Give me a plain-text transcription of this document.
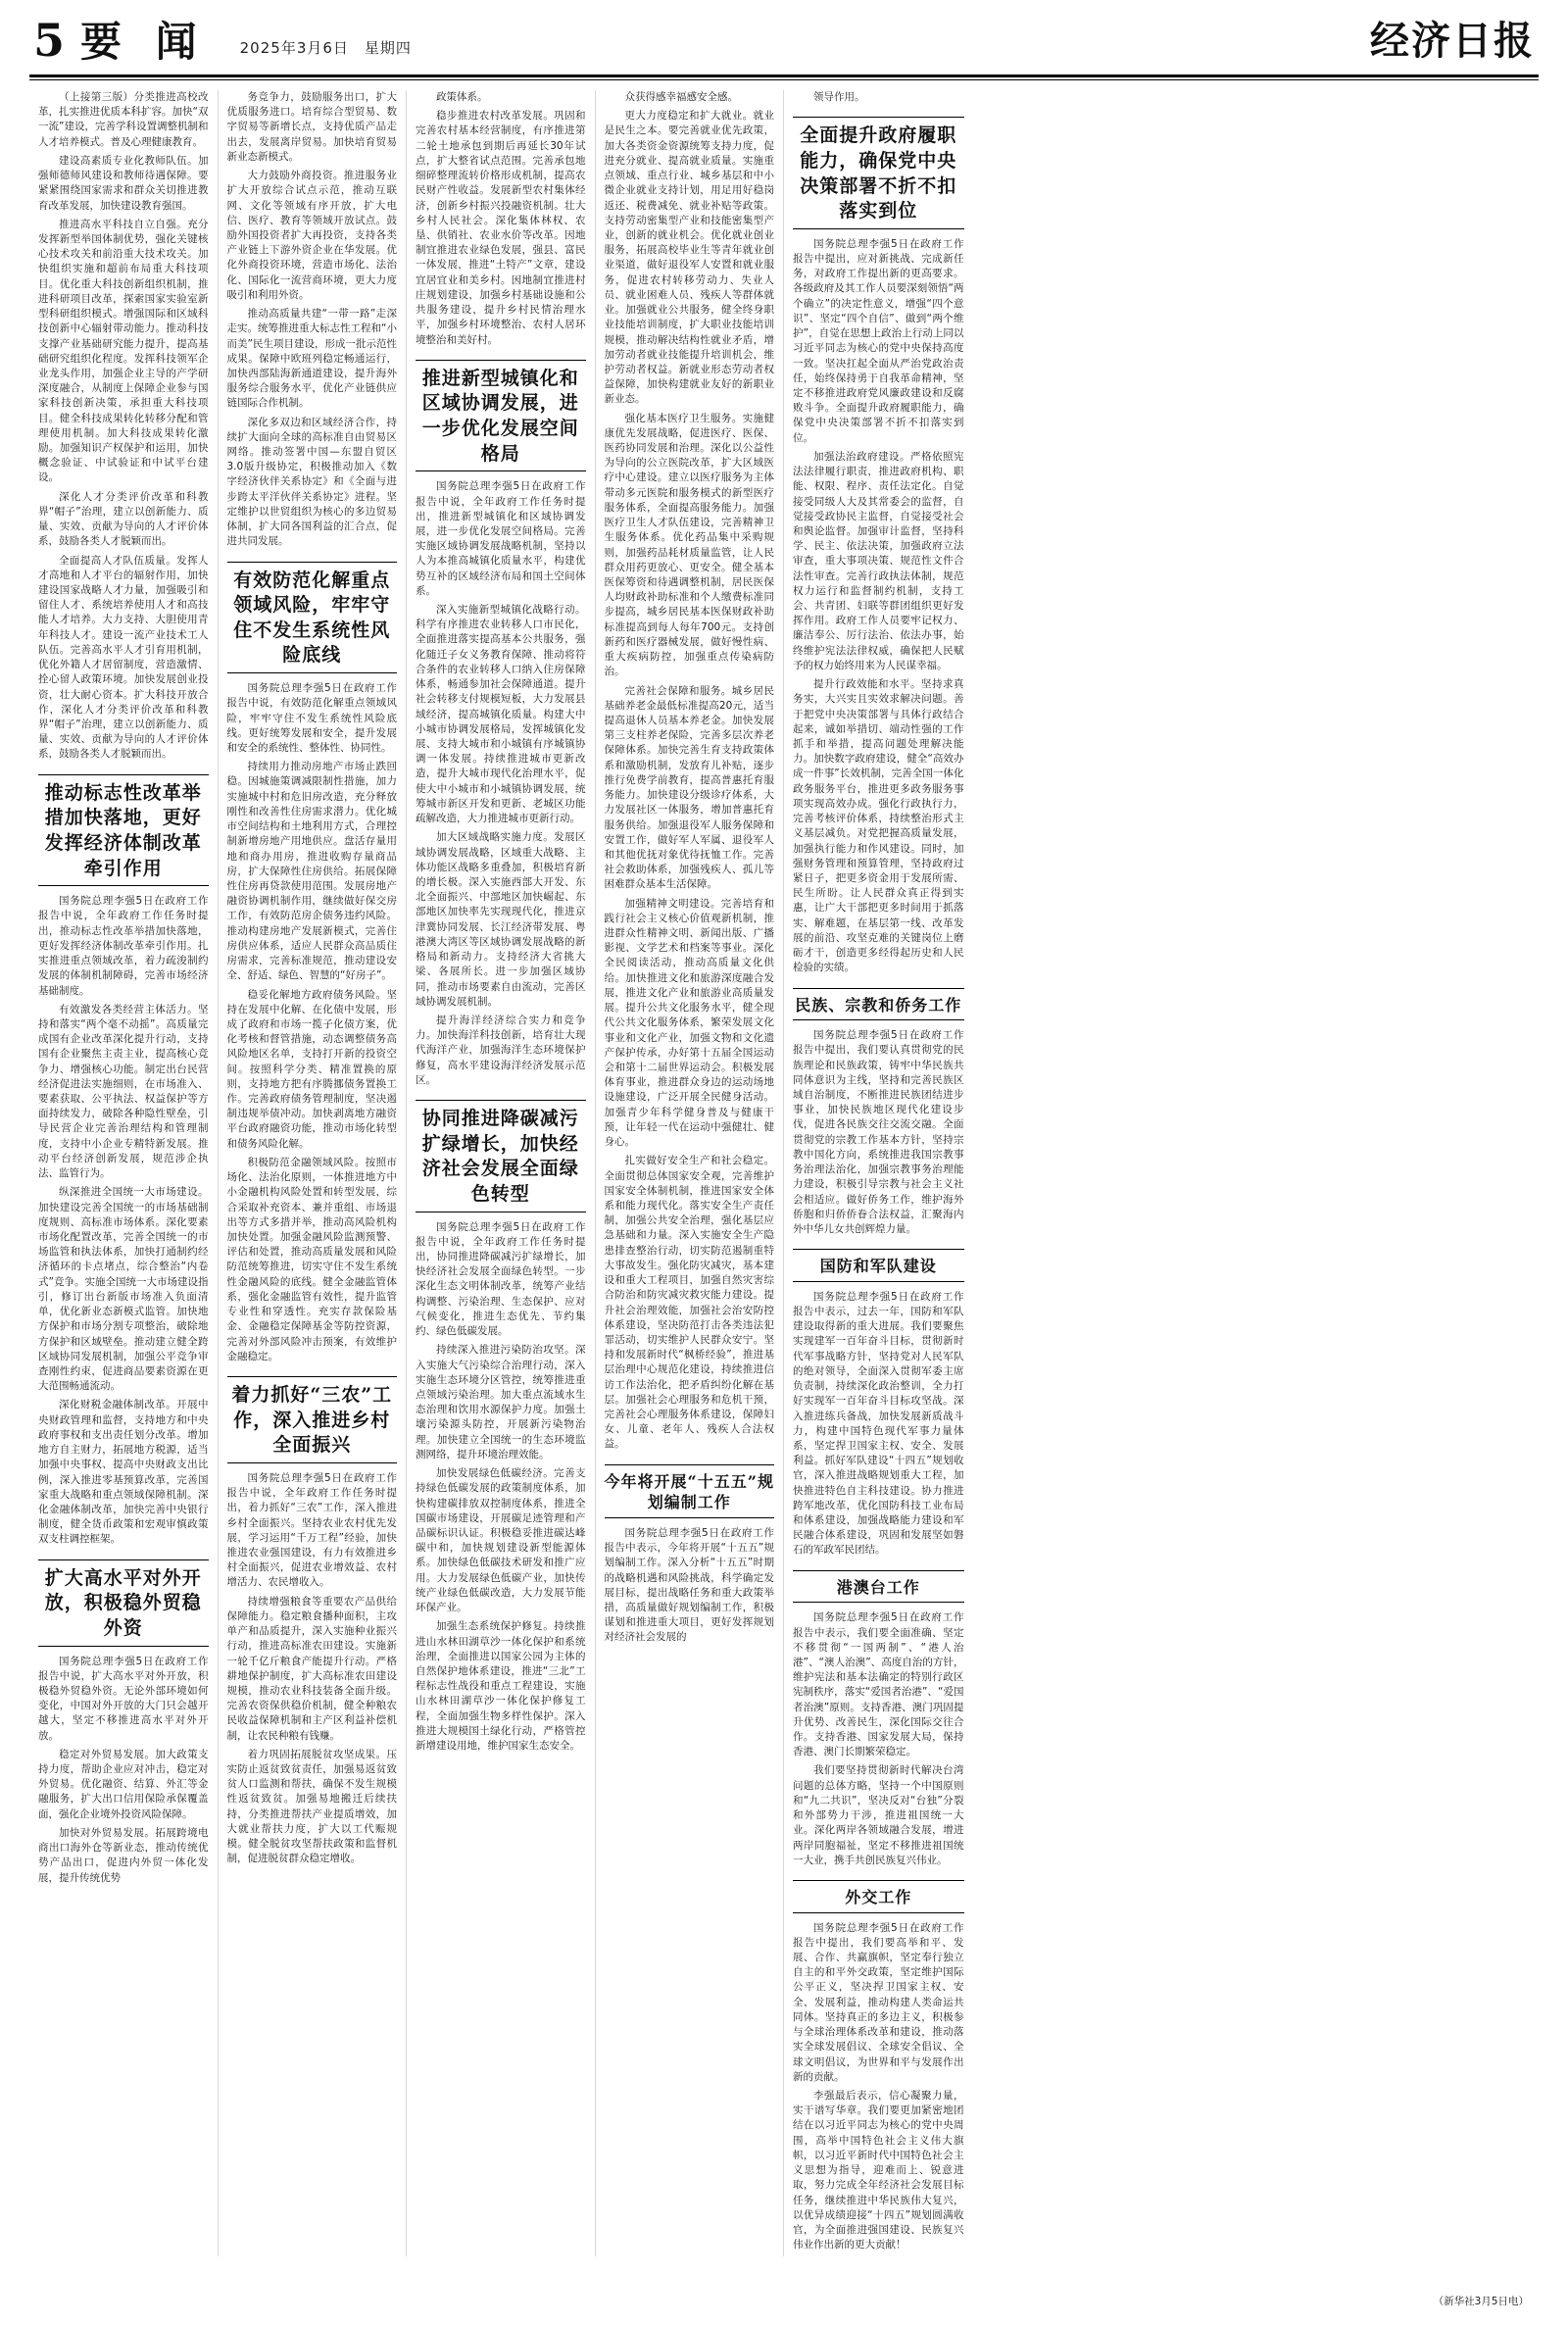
5 要 闻 2025年3月6日　星期四	经济日报

（上接第三版）分类推进高校改革，扎实推进优质本科扩容。加快“双一流”建设，完善学科设置调整机制和人才培养模式。普及心理健康教育。

建设高素质专业化教师队伍。加强师德师风建设和教师待遇保障。要紧紧围绕国家需求和群众关切推进教育改革发展，加快建设教育强国。

推进高水平科技自立自强。充分发挥新型举国体制优势，强化关键核心技术攻关和前沿重大技术攻关。加快组织实施和超前布局重大科技项目。优化重大科技创新组织机制，推进科研项目改革，探索国家实验室新型科研组织模式。增强国际和区域科技创新中心辐射带动能力。推动科技支撑产业基础研究能力提升，提高基础研究组织化程度。发挥科技领军企业龙头作用，加强企业主导的产学研深度融合，从制度上保障企业参与国家科技创新决策，承担重大科技项目。健全科技成果转化转移分配和管理使用机制。加大科技成果转化激励。加强知识产权保护和运用，加快概念验证、中试验证和中试平台建设。

深化人才分类评价改革和科教界“帽子”治理，建立以创新能力、质量、实效、贡献为导向的人才评价体系，鼓励各类人才脱颖而出。

全面提高人才队伍质量。发挥人才高地和人才平台的辐射作用，加快建设国家战略人才力量，加强吸引和留住人才、系统培养使用人才和高技能人才培养。大力支持、大胆使用青年科技人才。建设一流产业技术工人队伍。完善高水平人才引育用机制，优化外籍人才居留制度，营造激情、拴心留人政策环境。加快发展创业投资，壮大耐心资本。扩大科技开放合作，深化人才分类评价改革和科教界“帽子”治理，建立以创新能力、质量、实效、贡献为导向的人才评价体系，鼓励各类人才脱颖而出。

推动标志性改革举措加快落地，更好发挥经济体制改革牵引作用

国务院总理李强5日在政府工作报告中说，全年政府工作任务时提出，推动标志性改革举措加快落地，更好发挥经济体制改革牵引作用。扎实推进重点领域改革，着力疏浚制约发展的体制机制障碍，完善市场经济基础制度。

有效激发各类经营主体活力。坚持和落实“两个毫不动摇”。高质量完成国有企业改革深化提升行动，支持国有企业聚焦主责主业，提高核心竞争力、增强核心功能。制定出台民营经济促进法实施细则，在市场准入、要素获取、公平执法、权益保护等方面持续发力，破除各种隐性壁垒，引导民营企业完善治理结构和管理制度，支持中小企业专精特新发展。推动平台经济创新发展，规范涉企执法、监管行为。

纵深推进全国统一大市场建设。加快建设完善全国统一的市场基础制度规则、高标准市场体系。深化要素市场化配置改革，完善全国统一的市场监管和执法体系，加快打通制约经济循环的卡点堵点，综合整治“内卷式”竞争。实施全国统一大市场建设指引，修订出台新版市场准入负面清单，优化新业态新模式监管。加快地方保护和市场分割专项整治，破除地方保护和区域壁垒。推动建立健全跨区域协同发展机制，加强公平竞争审查刚性约束，促进商品要素资源在更大范围畅通流动。

深化财税金融体制改革。开展中央财政管理和监督，支持地方和中央政府事权和支出责任划分改革。增加地方自主财力，拓展地方税源，适当加强中央事权、提高中央财政支出比例，深入推进零基预算改革，完善国家重大战略和重点领域保障机制。深化金融体制改革，加快完善中央银行制度，健全货币政策和宏观审慎政策双支柱调控框架。

扩大高水平对外开放，积极稳外贸稳外资

国务院总理李强5日在政府工作报告中说，扩大高水平对外开放，积极稳外贸稳外资。无论外部环境如何变化，中国对外开放的大门只会越开越大，坚定不移推进高水平对外开放。

稳定对外贸易发展。加大政策支持力度，帮助企业应对冲击，稳定对外贸易。优化融资、结算、外汇等金融服务，扩大出口信用保险承保覆盖面，强化企业境外投资风险保障。

加快对外贸易发展。拓展跨境电商出口海外仓等新业态，推动传统优势产品出口，促进内外贸一体化发展，提升传统优势

务竞争力，鼓励服务出口，扩大优质服务进口。培育综合型贸易、数字贸易等新增长点，支持优质产品走出去，发展离岸贸易。加快培育贸易新业态新模式。

大力鼓励外商投资。推进服务业扩大开放综合试点示范，推动互联网、文化等领域有序开放，扩大电信、医疗、教育等领域开放试点。鼓励外国投资者扩大再投资，支持各类产业链上下游外资企业在华发展。优化外商投资环境，营造市场化、法治化、国际化一流营商环境，更大力度吸引和利用外资。

推动高质量共建“一带一路”走深走实。统筹推进重大标志性工程和“小而美”民生项目建设，形成一批示范性成果。保障中欧班列稳定畅通运行，加快西部陆海新通道建设，提升海外服务综合服务水平，优化产业链供应链国际合作机制。

深化多双边和区域经济合作，持续扩大面向全球的高标准自由贸易区网络。推动签署中国—东盟自贸区3.0版升级协定，积极推动加入《数字经济伙伴关系协定》和《全面与进步跨太平洋伙伴关系协定》进程。坚定维护以世贸组织为核心的多边贸易体制，扩大同各国利益的汇合点，促进共同发展。

有效防范化解重点领域风险，牢牢守住不发生系统性风险底线

国务院总理李强5日在政府工作报告中说，有效防范化解重点领域风险，牢牢守住不发生系统性风险底线。更好统筹发展和安全，提升发展和安全的系统性、整体性、协同性。

持续用力推动房地产市场止跌回稳。因城施策调减限制性措施，加力实施城中村和危旧房改造，充分释放刚性和改善性住房需求潜力。优化城市空间结构和土地利用方式，合理控制新增房地产用地供应。盘活存量用地和商办用房，推进收购存量商品房，扩大保障性住房供给。拓展保障性住房再贷款使用范围。发展房地产融资协调机制作用，继续做好保交房工作，有效防范房企债务违约风险。推动构建房地产发展新模式，完善住房供应体系，适应人民群众高品质住房需求，完善标准规范，推动建设安全、舒适、绿色、智慧的“好房子”。

稳妥化解地方政府债务风险。坚持在发展中化解、在化债中发展，形成了政府和市场一揽子化债方案，优化考核和督管措施，动态调整债务高风险地区名单，支持打开新的投资空间。按照科学分类、精准置换的原则，支持地方把有序腾挪债务置换工作。完善政府债务管理制度，坚决遏制违规举债冲动。加快剥离地方融资平台政府融资功能，推动市场化转型和债务风险化解。

积极防范金融领域风险。按照市场化、法治化原则，一体推进地方中小金融机构风险处置和转型发展，综合采取补充资本、兼并重组、市场退出等方式多措并举，推动高风险机构加快处置。加强金融风险监测预警、评估和处置，推动高质量发展和风险防范统筹推进，切实守住不发生系统性金融风险的底线。健全金融监管体系，强化金融监管有效性，提升监管专业性和穿透性。充实存款保险基金、金融稳定保障基金等防控资源，完善对外部风险冲击预案，有效维护金融稳定。

着力抓好“三农”工作，深入推进乡村全面振兴

国务院总理李强5日在政府工作报告中说，全年政府工作任务时提出，着力抓好“三农”工作，深入推进乡村全面振兴。坚持农业农村优先发展，学习运用“千万工程”经验，加快推进农业强国建设，有力有效推进乡村全面振兴，促进农业增效益、农村增活力、农民增收入。

持续增强粮食等重要农产品供给保障能力。稳定粮食播种面积，主攻单产和品质提升，深入实施种业振兴行动，推进高标准农田建设。实施新一轮千亿斤粮食产能提升行动。严格耕地保护制度，扩大高标准农田建设规模，推动农业科技装备全面升级。完善农资保供稳价机制，健全种粮农民收益保障机制和主产区利益补偿机制，让农民种粮有钱赚。

着力巩固拓展脱贫攻坚成果。压实防止返贫致贫责任，加强易返贫致贫人口监测和帮扶，确保不发生规模性返贫致贫。加强易地搬迁后续扶持，分类推进帮扶产业提质增效，加大就业帮扶力度，扩大以工代赈规模。健全脱贫攻坚帮扶政策和监督机制，促进脱贫群众稳定增收。

政策体系。

稳步推进农村改革发展。巩固和完善农村基本经营制度，有序推进第二轮土地承包到期后再延长30年试点，扩大整省试点范围。完善承包地细碎整理流转价格形成机制，提高农民财产性收益。发展新型农村集体经济，创新乡村振兴投融资机制。壮大乡村人民社会。深化集体林权、农垦、供销社、农业水价等改革。因地制宜推进农业绿色发展，强县、富民一体发展，推进“土特产”文章，建设宜居宜业和美乡村。因地制宜推进村庄规划建设，加强乡村基础设施和公共服务建设，提升乡村民情治理水平，加强乡村环境整治、农村人居环境整治和美好村。

推进新型城镇化和区域协调发展，进一步优化发展空间格局

国务院总理李强5日在政府工作报告中说，全年政府工作任务时提出，推进新型城镇化和区域协调发展，进一步优化发展空间格局。完善实施区域协调发展战略机制，坚持以人为本推高城镇化质量水平，构建优势互补的区域经济布局和国土空间体系。

深入实施新型城镇化战略行动。科学有序推进农业转移人口市民化，全面推进落实提高基本公共服务，强化随迁子女义务教育保障、推动将符合条件的农业转移人口纳入住房保障体系，畅通参加社会保障通道。提升社会转移支付规模短板，大力发展县域经济，提高城镇化质量。构建大中小城市协调发展格局，发挥城镇化发展、支持大城市和小城镇有序城镇协调一体发展。持续推进城市更新改造，提升大城市现代化治理水平，促使大中小城市和小城镇协调发展，统筹城市新区开发和更新、老城区功能疏解改造，大力推进城市更新行动。

加大区域战略实施力度。发展区域协调发展战略，区域重大战略、主体功能区战略多重叠加，积极培育新的增长极。深入实施西部大开发、东北全面振兴、中部地区加快崛起、东部地区加快率先实现现代化，推进京津冀协同发展、长江经济带发展、粤港澳大湾区等区域协调发展战略的新格局和新动力。支持经济大省挑大梁、各展所长。进一步加强区域协同，推动市场要素自由流动，完善区域协调发展机制。

提升海洋经济综合实力和竞争力。加快海洋科技创新，培育壮大现代海洋产业，加强海洋生态环境保护修复，高水平建设海洋经济发展示范区。

协同推进降碳减污扩绿增长，加快经济社会发展全面绿色转型

国务院总理李强5日在政府工作报告中说，全年政府工作任务时提出，协同推进降碳减污扩绿增长，加快经济社会发展全面绿色转型。一步深化生态文明体制改革，统筹产业结构调整、污染治理、生态保护、应对气候变化，推进生态优先、节约集约、绿色低碳发展。

持续深入推进污染防治攻坚。深入实施大气污染综合治理行动，深入实施生态环境分区管控，统筹推进重点领域污染治理。加大重点流域水生态治理和饮用水源保护力度。加强土壤污染源头防控，开展新污染物治理。加快建立全国统一的生态环境监测网络，提升环境治理效能。

加快发展绿色低碳经济。完善支持绿色低碳发展的政策制度体系，加快构建碳排放双控制度体系，推进全国碳市场建设，开展碳足迹管理和产品碳标识认证。积极稳妥推进碳达峰碳中和，加快规划建设新型能源体系。加快绿色低碳技术研发和推广应用。大力发展绿色低碳产业，加快传统产业绿色低碳改造，大力发展节能环保产业。

加强生态系统保护修复。持续推进山水林田湖草沙一体化保护和系统治理，全面推进以国家公园为主体的自然保护地体系建设，推进“三北”工程标志性战役和重点工程建设，实施山水林田湖草沙一体化保护修复工程，全面加强生物多样性保护。深入推进大规模国土绿化行动，严格管控新增建设用地，维护国家生态安全。

众获得感幸福感安全感。

更大力度稳定和扩大就业。就业是民生之本。要完善就业优先政策，加大各类资金资源统筹支持力度，促进充分就业、提高就业质量。实施重点领域、重点行业、城乡基层和中小微企业就业支持计划，用足用好稳岗返还、税费减免、就业补贴等政策。支持劳动密集型产业和技能密集型产业，创新的就业机会。优化就业创业服务，拓展高校毕业生等青年就业创业渠道，做好退役军人安置和就业服务，促进农村转移劳动力、失业人员、就业困难人员、残疾人等群体就业。加强就业公共服务，健全终身职业技能培训制度，扩大职业技能培训规模，推动解决结构性就业矛盾，增加劳动者就业技能提升培训机会，维护劳动者权益。新就业形态劳动者权益保障，加快构建就业友好的新职业新业态。

强化基本医疗卫生服务。实施健康优先发展战略，促进医疗、医保、医药协同发展和治理。深化以公益性为导向的公立医院改革，扩大区域医疗中心建设。建立以医疗服务为主体带动多元医院和服务模式的新型医疗服务体系，全面提高服务能力。加强医疗卫生人才队伍建设，完善精神卫生服务体系。优化药品集中采购规则，加强药品耗材质量监管，让人民群众用药更放心、更安全。健全基本医保筹资和待遇调整机制，居民医保人均财政补助标准和个人缴费标准同步提高，城乡居民基本医保财政补助标准提高到每人每年700元。支持创新药和医疗器械发展，做好慢性病、重大疾病防控，加强重点传染病防治。

完善社会保障和服务。城乡居民基础养老金最低标准提高20元，适当提高退休人员基本养老金。加快发展第三支柱养老保险，完善多层次养老保障体系。加快完善生育支持政策体系和激励机制，发放育儿补贴，逐步推行免费学前教育，提高普惠托育服务能力。加快建设分级诊疗体系，大力发展社区一体服务，增加普惠托育服务供给。加强退役军人服务保障和安置工作，做好军人军属、退役军人和其他优抚对象优待抚恤工作。完善社会救助体系，加强残疾人、孤儿等困难群众基本生活保障。

加强精神文明建设。完善培育和践行社会主义核心价值观新机制，推进群众性精神文明、新闻出版、广播影视、文学艺术和档案等事业。深化全民阅读活动，推动高质量文化供给。加快推进文化和旅游深度融合发展，推进文化产业和旅游业高质量发展。提升公共文化服务水平，健全现代公共文化服务体系，繁荣发展文化事业和文化产业，加强文物和文化遗产保护传承，办好第十五届全国运动会和第十二届世界运动会。积极发展体育事业，推进群众身边的运动场地设施建设，广泛开展全民健身活动。加强青少年科学健身普及与健康干预，让年轻一代在运动中强健壮、健身心。

扎实做好安全生产和社会稳定。全面贯彻总体国家安全观，完善维护国家安全体制机制，推进国家安全体系和能力现代化。落实安全生产责任制，加强公共安全治理，强化基层应急基础和力量。深入实施安全生产隐患排查整治行动，切实防范遏制重特大事故发生。强化防灾减灾，基本建设和重大工程项目，加强自然灾害综合防治和防灾减灾救灾能力建设。提升社会治理效能，加强社会治安防控体系建设，坚决防范打击各类违法犯罪活动，切实维护人民群众安宁。坚持和发展新时代“枫桥经验”，推进基层治理中心规范化建设，持续推进信访工作法治化，把矛盾纠纷化解在基层。加强社会心理服务和危机干预，完善社会心理服务体系建设，保障妇女、儿童、老年人、残疾人合法权益。

今年将开展“十五五”规划编制工作

国务院总理李强5日在政府工作报告中表示，今年将开展“十五五”规划编制工作。深入分析“十五五”时期的战略机遇和风险挑战，科学确定发展目标，提出战略任务和重大政策举措，高质量做好规划编制工作，积极谋划和推进重大项目，更好发挥规划对经济社会发展的

领导作用。

全面提升政府履职能力，确保党中央决策部署不折不扣落实到位

国务院总理李强5日在政府工作报告中提出，应对新挑战、完成新任务，对政府工作提出新的更高要求。各级政府及其工作人员要深刻领悟“两个确立”的决定性意义，增强“四个意识”、坚定“四个自信”、做到“两个维护”，自觉在思想上政治上行动上同以习近平同志为核心的党中央保持高度一致。坚决扛起全面从严治党政治责任，始终保持勇于自我革命精神，坚定不移推进政府党风廉政建设和反腐败斗争。全面提升政府履职能力，确保党中央决策部署不折不扣落实到位。

加强法治政府建设。严格依照宪法法律履行职责，推进政府机构、职能、权限、程序、责任法定化。自觉接受同级人大及其常委会的监督，自觉接受政协民主监督，自觉接受社会和舆论监督。加强审计监督，坚持科学、民主、依法决策，加强政府立法审查，重大事项决策、规范性文件合法性审查。完善行政执法体制，规范权力运行和监督制约机制，支持工会、共青团、妇联等群团组织更好发挥作用。政府工作人员要牢记权力、廉洁奉公、厉行法治、依法办事，始终维护宪法法律权威，确保把人民赋予的权力始终用来为人民谋幸福。

提升行政效能和水平。坚持求真务实，大兴实且实效求解决问题。善于把党中央决策部署与具体行政结合起来，诚如举措切、端动性强的工作抓手和举措，提高问题处理解决能力。加快数字政府建设，健全“高效办成一件事”长效机制，完善全国一体化政务服务平台，推进更多政务服务事项实现高效办成。强化行政执行力，完善考核评价体系，持续整治形式主义基层减负。对党把握高质量发展，加强执行能力和作风建设。同时，加强财务管理和预算管理，坚持政府过紧日子，把更多资金用于发展所需、民生所盼。让人民群众真正得到实惠，让广大干部把更多时间用于抓落实、解难题，在基层第一线、改革发展的前沿、攻坚克难的关键岗位上磨砺才干，创造更多经得起历史和人民检验的实绩。

民族、宗教和侨务工作

国务院总理李强5日在政府工作报告中提出，我们要认真贯彻党的民族理论和民族政策，铸牢中华民族共同体意识为主线，坚持和完善民族区域自治制度，不断推进民族团结进步事业，加快民族地区现代化建设步伐，促进各民族交往交流交融。全面贯彻党的宗教工作基本方针，坚持宗教中国化方向，系统推进我国宗教事务治理法治化，加强宗教事务治理能力建设，积极引导宗教与社会主义社会相适应。做好侨务工作，维护海外侨胞和归侨侨眷合法权益，汇聚海内外中华儿女共创辉煌力量。

国防和军队建设

国务院总理李强5日在政府工作报告中表示，过去一年，国防和军队建设取得新的重大进展。我们要聚焦实现建军一百年奋斗目标，贯彻新时代军事战略方针，坚持党对人民军队的绝对领导，全面深入贯彻军委主席负责制，持续深化政治整训，全力打好实现军一百年奋斗目标攻坚战。深入推进练兵备战，加快发展新质战斗力，构建中国特色现代军事力量体系，坚定捍卫国家主权、安全、发展利益。抓好军队建设“十四五”规划收官，深入推进战略规划重大工程，加快推进特色自主科技建设。协力推进跨军地改革，优化国防科技工业布局和体系建设，加强战略能力建设和军民融合体系建设，巩固和发展坚如磐石的军政军民团结。

港澳台工作

国务院总理李强5日在政府工作报告中表示，我们要全面准确、坚定不移贯彻“一国两制”、“港人治港”、“澳人治澳”、高度自治的方针，维护宪法和基本法确定的特别行政区宪制秩序，落实“爱国者治港”、“爱国者治澳”原则。支持香港、澳门巩固提升优势、改善民生，深化国际交往合作。支持香港、国家发展大局，保持香港、澳门长期繁荣稳定。

我们要坚持贯彻新时代解决台湾问题的总体方略，坚持一个中国原则和“九二共识”，坚决反对“台独”分裂和外部势力干涉，推进祖国统一大业。深化两岸各领域融合发展，增进两岸同胞福祉，坚定不移推进祖国统一大业，携手共创民族复兴伟业。

外交工作

国务院总理李强5日在政府工作报告中提出，我们要高举和平、发展、合作、共赢旗帜，坚定奉行独立自主的和平外交政策，坚定维护国际公平正义，坚决捍卫国家主权、安全、发展利益，推动构建人类命运共同体。坚持真正的多边主义，积极参与全球治理体系改革和建设，推动落实全球发展倡议、全球安全倡议、全球文明倡议，为世界和平与发展作出新的贡献。

李强最后表示，信心凝聚力量，实干谱写华章。我们要更加紧密地团结在以习近平同志为核心的党中央周围，高举中国特色社会主义伟大旗帜，以习近平新时代中国特色社会主义思想为指导，迎难而上、锐意进取，努力完成全年经济社会发展目标任务，继续推进中华民族伟大复兴，以优异成绩迎接“十四五”规划圆满收官，为全面推进强国建设、民族复兴伟业作出新的更大贡献！

（新华社3月5日电）
